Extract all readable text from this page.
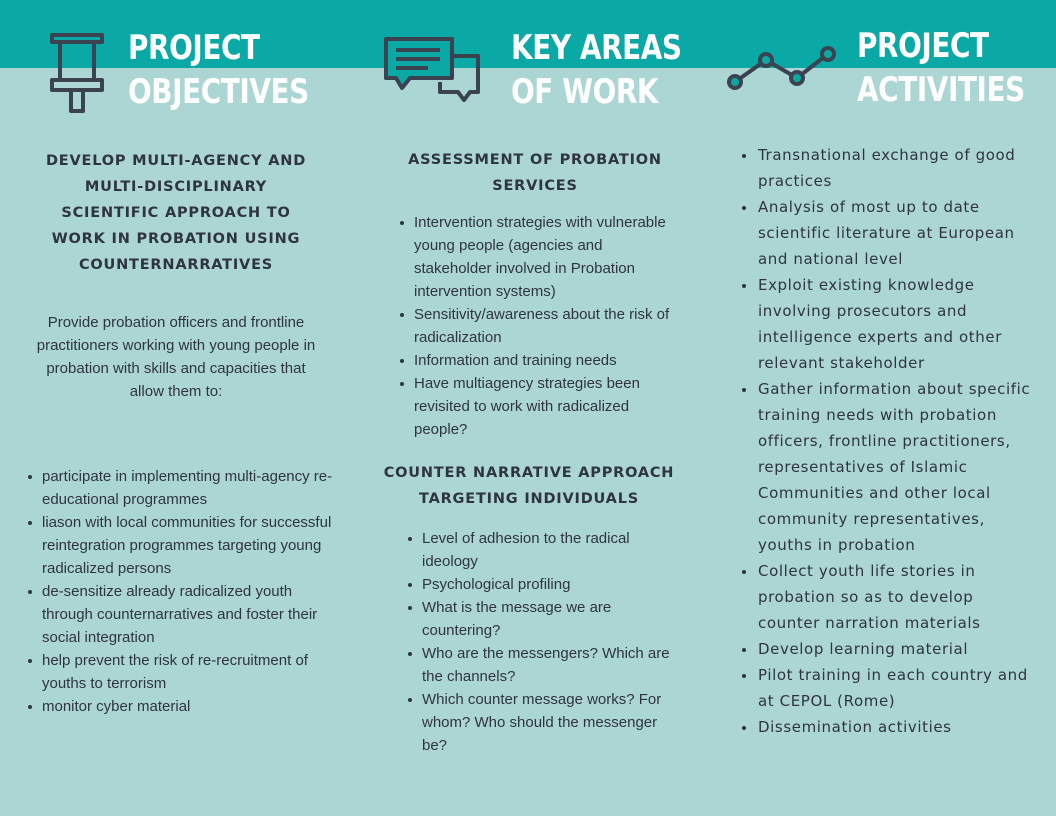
PROJECT
OBJECTIVES
KEY AREAS
OF WORK
PROJECT
ACTIVITIES
DEVELOP MULTI-AGENCY AND MULTI-DISCIPLINARY SCIENTIFIC APPROACH TO WORK IN PROBATION USING COUNTERNARRATIVES
Provide probation officers and frontline practitioners working with young people in probation with skills and capacities that allow them to:
participate in implementing multi-agency re-educational programmes
liason with local communities for successful reintegration programmes targeting young radicalized persons
de-sensitize already radicalized youth through counternarratives and foster their social integration
help prevent the risk of re-recruitment of youths to terrorism
monitor cyber material
ASSESSMENT OF PROBATION SERVICES
Intervention strategies with vulnerable young people (agencies and stakeholder involved in Probation intervention systems)
Sensitivity/awareness about the risk of radicalization
Information and training needs
Have multiagency strategies been revisited to work with radicalized people?
COUNTER NARRATIVE APPROACH TARGETING INDIVIDUALS
Level of adhesion to the radical ideology
Psychological profiling
What is the message we are countering?
Who are the messengers? Which are the channels?
Which counter message works? For whom? Who should the messenger be?
Transnational exchange of good practices
Analysis of most up to date scientific literature at European and national level
Exploit existing knowledge involving prosecutors and intelligence experts and other relevant stakeholder
Gather information about specific training needs with probation officers, frontline practitioners, representatives of Islamic Communities and other local community representatives, youths in probation
Collect youth life stories in probation so as to develop counter narration materials
Develop learning material
Pilot training in each country and at CEPOL (Rome)
Dissemination activities
